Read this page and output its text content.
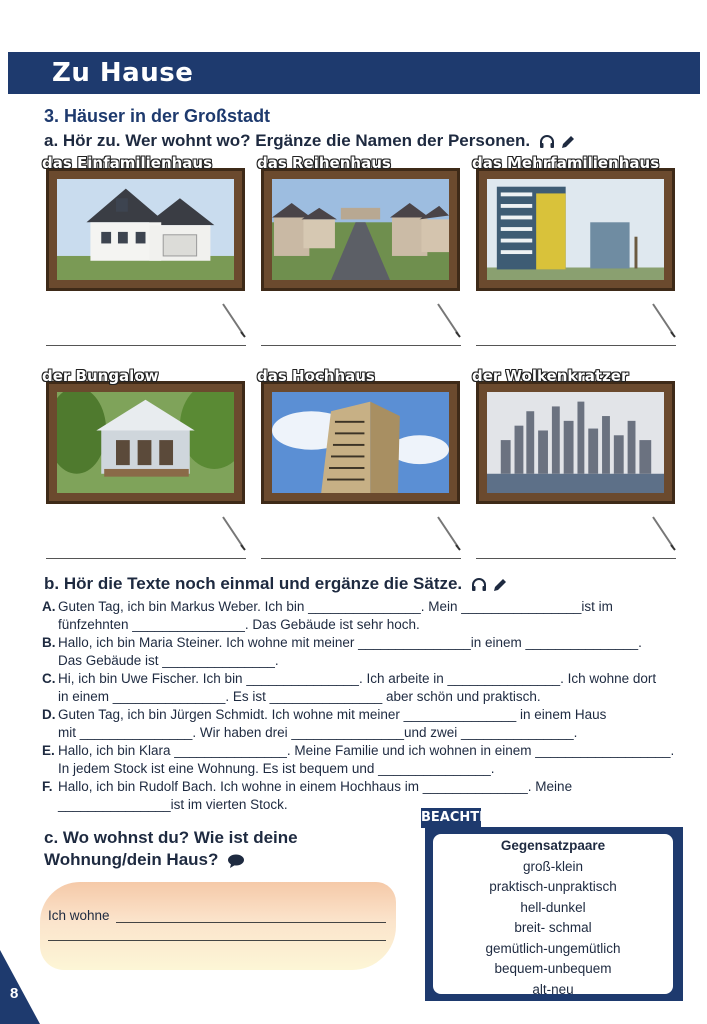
Zu Hause
3. Häuser in der Großstadt
a. Hör zu. Wer wohnt wo? Ergänze die Namen der Personen.
das Einfamilienhaus	das Reihenhaus	das Mehrfamilienhaus
der Bungalow	das Hochhaus	der Wolkenkratzer
b. Hör die Texte noch einmal und ergänze die Sätze.

A. Guten Tag, ich bin Markus Weber. Ich bin _______________. Mein ________________ist im
fünfzehnten _______________. Das Gebäude ist sehr hoch.

B. Hallo, ich bin Maria Steiner. Ich wohne mit meiner _______________in einem _______________.
Das Gebäude ist _______________.

C. Hi, ich bin Uwe Fischer. Ich bin _______________. Ich arbeite in _______________. Ich wohne dort
in einem _______________. Es ist _______________ aber schön und praktisch.

D. Guten Tag, ich bin Jürgen Schmidt. Ich wohne mit meiner _______________ in einem Haus
mit _______________. Wir haben drei _______________und zwei _______________.

E. Hallo, ich bin Klara _______________. Meine Familie und ich wohnen in einem __________________.
In jedem Stock ist eine Wohnung. Es ist bequem und _______________.

F. Hallo, ich bin Rudolf Bach. Ich wohne in einem Hochhaus im ______________. Meine
_______________ist im vierten Stock.

c. Wo wohnst du? Wie ist deine Wohnung/dein Haus?
Ich wohne
BEACHTE
Gegensatzpaare
groß-klein
praktisch-unpraktisch
hell-dunkel
breit- schmal
gemütlich-ungemütlich
bequem-unbequem
alt-neu
8
